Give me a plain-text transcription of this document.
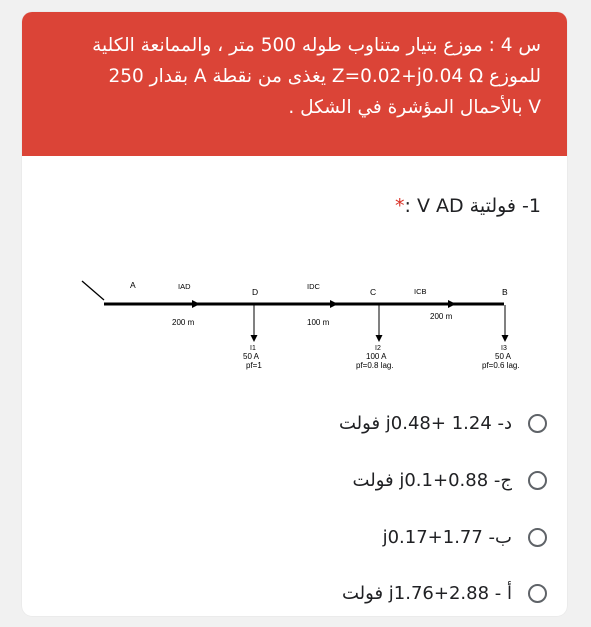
س 4 : موزع بتيار متناوب طوله 500 متر ، والممانعة الكلية
للموزع Z=0.02+j0.04 Ω يغذى من نقطة A بقدار 250
V بالأحمال المؤشرة في الشكل .
1- فولتية V AD :*
A
D	C	B
IAD	IDC
ICB
200 m	100 m
200 m
I1
50 A
pf=1
I2
100 A
pf=0.8 lag.
I3
50 A
pf=0.6 lag.
د- 1.24 +j0.48 فولت
ج- 0.88+j0.1 فولت
ب- 1.77+j0.17
أ - 2.88+j1.76 فولت
